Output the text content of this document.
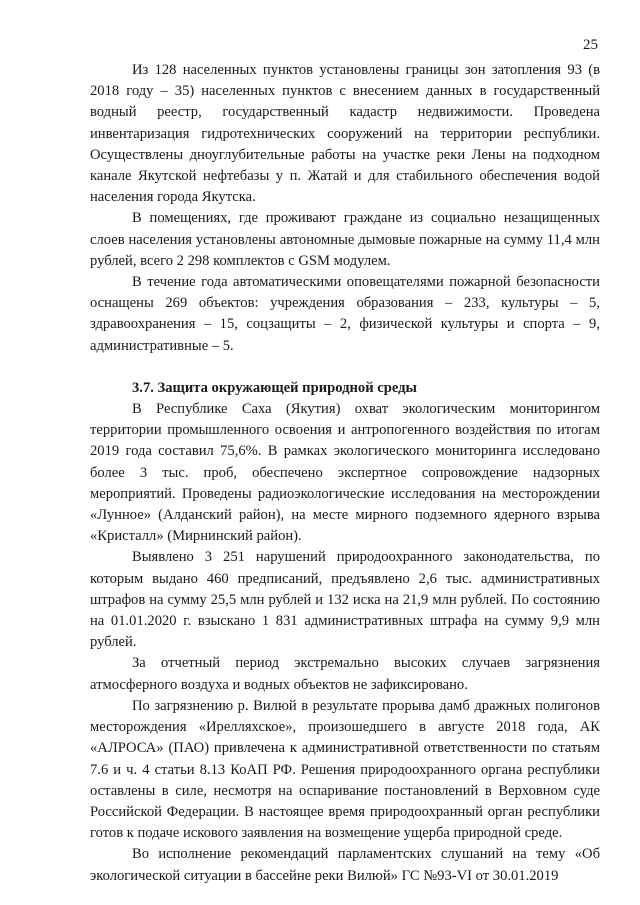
25

Из 128 населенных пунктов установлены границы зон затопления 93 (в 2018 году – 35) населенных пунктов с внесением данных в государственный водный реестр, государственный кадастр недвижимости. Проведена инвентаризация гидротехнических сооружений на территории республики. Осуществлены дноуглубительные работы на участке реки Лены на подходном канале Якутской нефтебазы у п. Жатай и для стабильного обеспечения водой населения города Якутска.

В помещениях, где проживают граждане из социально незащищенных слоев населения установлены автономные дымовые пожарные на сумму 11,4 млн рублей, всего 2 298 комплектов с GSM модулем.

В течение года автоматическими оповещателями пожарной безопасности оснащены 269 объектов: учреждения образования – 233, культуры – 5, здравоохранения – 15, соцзащиты – 2, физической культуры и спорта – 9, административные – 5.

3.7. Защита окружающей природной среды

В Республике Саха (Якутия) охват экологическим мониторингом территории промышленного освоения и антропогенного воздействия по итогам 2019 года составил 75,6%. В рамках экологического мониторинга исследовано более 3 тыс. проб, обеспечено экспертное сопровождение надзорных мероприятий. Проведены радиоэкологические исследования на месторождении «Лунное» (Алданский район), на месте мирного подземного ядерного взрыва «Кристалл» (Мирнинский район).

Выявлено 3 251 нарушений природоохранного законодательства, по которым выдано 460 предписаний, предъявлено 2,6 тыс. административных штрафов на сумму 25,5 млн рублей и 132 иска на 21,9 млн рублей. По состоянию на 01.01.2020 г. взыскано 1 831 административных штрафа на сумму 9,9 млн рублей.

За отчетный период экстремально высоких случаев загрязнения атмосферного воздуха и водных объектов не зафиксировано.

По загрязнению р. Вилюй в результате прорыва дамб дражных полигонов месторождения «Ирелляхское», произошедшего в августе 2018 года, АК «АЛРОСА» (ПАО) привлечена к административной ответственности по статьям 7.6 и ч. 4 статьи 8.13 КоАП РФ. Решения природоохранного органа республики оставлены в силе, несмотря на оспаривание постановлений в Верховном суде Российской Федерации. В настоящее время природоохранный орган республики готов к подаче искового заявления на возмещение ущерба природной среде.

Во исполнение рекомендаций парламентских слушаний на тему «Об экологической ситуации в бассейне реки Вилюй» ГС №93-VI от 30.01.2019
